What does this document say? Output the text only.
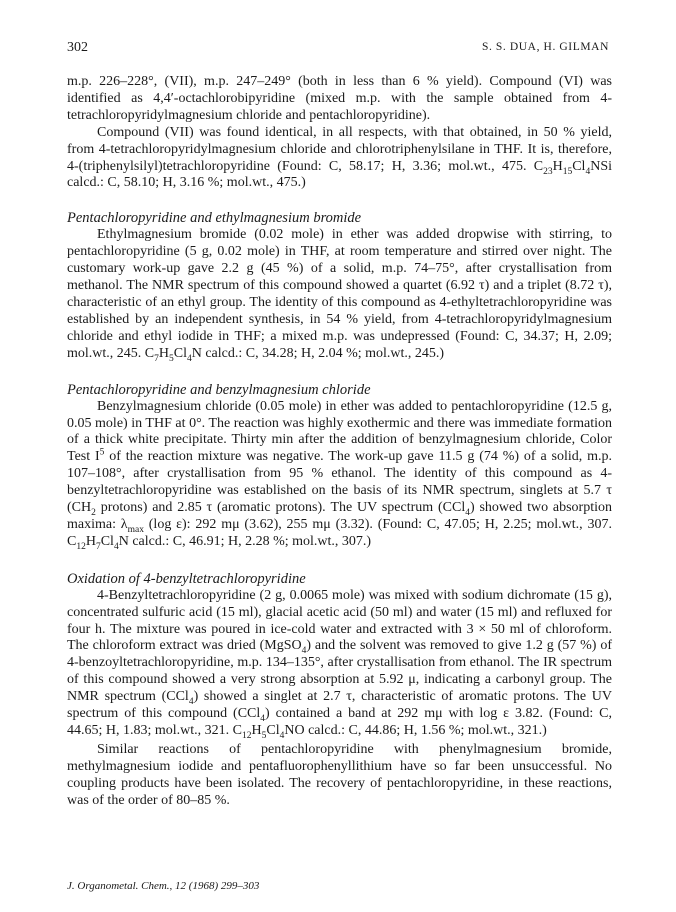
302	S. S. DUA, H. GILMAN

m.p. 226–228°, (VII), m.p. 247–249° (both in less than 6 % yield). Compound (VI) was identified as 4,4′-octachlorobipyridine (mixed m.p. with the sample obtained from 4-tetrachloropyridylmagnesium chloride and pentachloropyridine).

Compound (VII) was found identical, in all respects, with that obtained, in 50 % yield, from 4-tetrachloropyridylmagnesium chloride and chlorotriphenylsilane in THF. It is, therefore, 4-(triphenylsilyl)tetrachloropyridine (Found: C, 58.17; H, 3.36; mol.wt., 475. $C_{23}H_{15}Cl_4NSi$ calcd.: C, 58.10; H, 3.16 %; mol.wt., 475.)

Pentachloropyridine and ethylmagnesium bromide

Ethylmagnesium bromide (0.02 mole) in ether was added dropwise with stirring, to pentachloropyridine (5 g, 0.02 mole) in THF, at room temperature and stirred over night. The customary work-up gave 2.2 g (45 %) of a solid, m.p. 74–75°, after crystallisation from methanol. The NMR spectrum of this compound showed a quartet (6.92 τ) and a triplet (8.72 τ), characteristic of an ethyl group. The identity of this compound as 4-ethyltetrachloropyridine was established by an independent synthesis, in 54 % yield, from 4-tetrachloropyridylmagnesium chloride and ethyl iodide in THF; a mixed m.p. was undepressed (Found: C, 34.37; H, 2.09; mol.wt., 245. $C_7H_5Cl_4N$ calcd.: C, 34.28; H, 2.04 %; mol.wt., 245.)

Pentachloropyridine and benzylmagnesium chloride

Benzylmagnesium chloride (0.05 mole) in ether was added to pentachloropyridine (12.5 g, 0.05 mole) in THF at 0°. The reaction was highly exothermic and there was immediate formation of a thick white precipitate. Thirty min after the addition of benzylmagnesium chloride, Color Test $I^5$ of the reaction mixture was negative. The work-up gave 11.5 g (74 %) of a solid, m.p. 107–108°, after crystallisation from 95 % ethanol. The identity of this compound as 4-benzyltetrachloropyridine was established on the basis of its NMR spectrum, singlets at 5.7 τ ($CH_2$ protons) and 2.85 τ (aromatic protons). The UV spectrum (CCl$_4$) showed two absorption maxima: $\lambda_{max}$ (log ε): 292 mμ (3.62), 255 mμ (3.32). (Found: C, 47.05; H, 2.25; mol.wt., 307. $C_{12}H_7Cl_4N$ calcd.: C, 46.91; H, 2.28 %; mol.wt., 307.)

Oxidation of 4-benzyltetrachloropyridine

4-Benzyltetrachloropyridine (2 g, 0.0065 mole) was mixed with sodium dichromate (15 g), concentrated sulfuric acid (15 ml), glacial acetic acid (50 ml) and water (15 ml) and refluxed for four h. The mixture was poured in ice-cold water and extracted with 3 × 50 ml of chloroform. The chloroform extract was dried (MgSO$_4$) and the solvent was removed to give 1.2 g (57 %) of 4-benzoyltetrachloropyridine, m.p. 134–135°, after crystallisation from ethanol. The IR spectrum of this compound showed a very strong absorption at 5.92 μ, indicating a carbonyl group. The NMR spectrum (CCl$_4$) showed a singlet at 2.7 τ, characteristic of aromatic protons. The UV spectrum of this compound (CCl$_4$) contained a band at 292 mμ with log ε 3.82. (Found: C, 44.65; H, 1.83; mol.wt., 321. $C_{12}H_5Cl_4NO$ calcd.: C, 44.86; H, 1.56 %; mol.wt., 321.)

Similar reactions of pentachloropyridine with phenylmagnesium bromide, methylmagnesium iodide and pentafluorophenyllithium have so far been unsuccessful. No coupling products have been isolated. The recovery of pentachloropyridine, in these reactions, was of the order of 80–85 %.

J. Organometal. Chem., 12 (1968) 299–303
